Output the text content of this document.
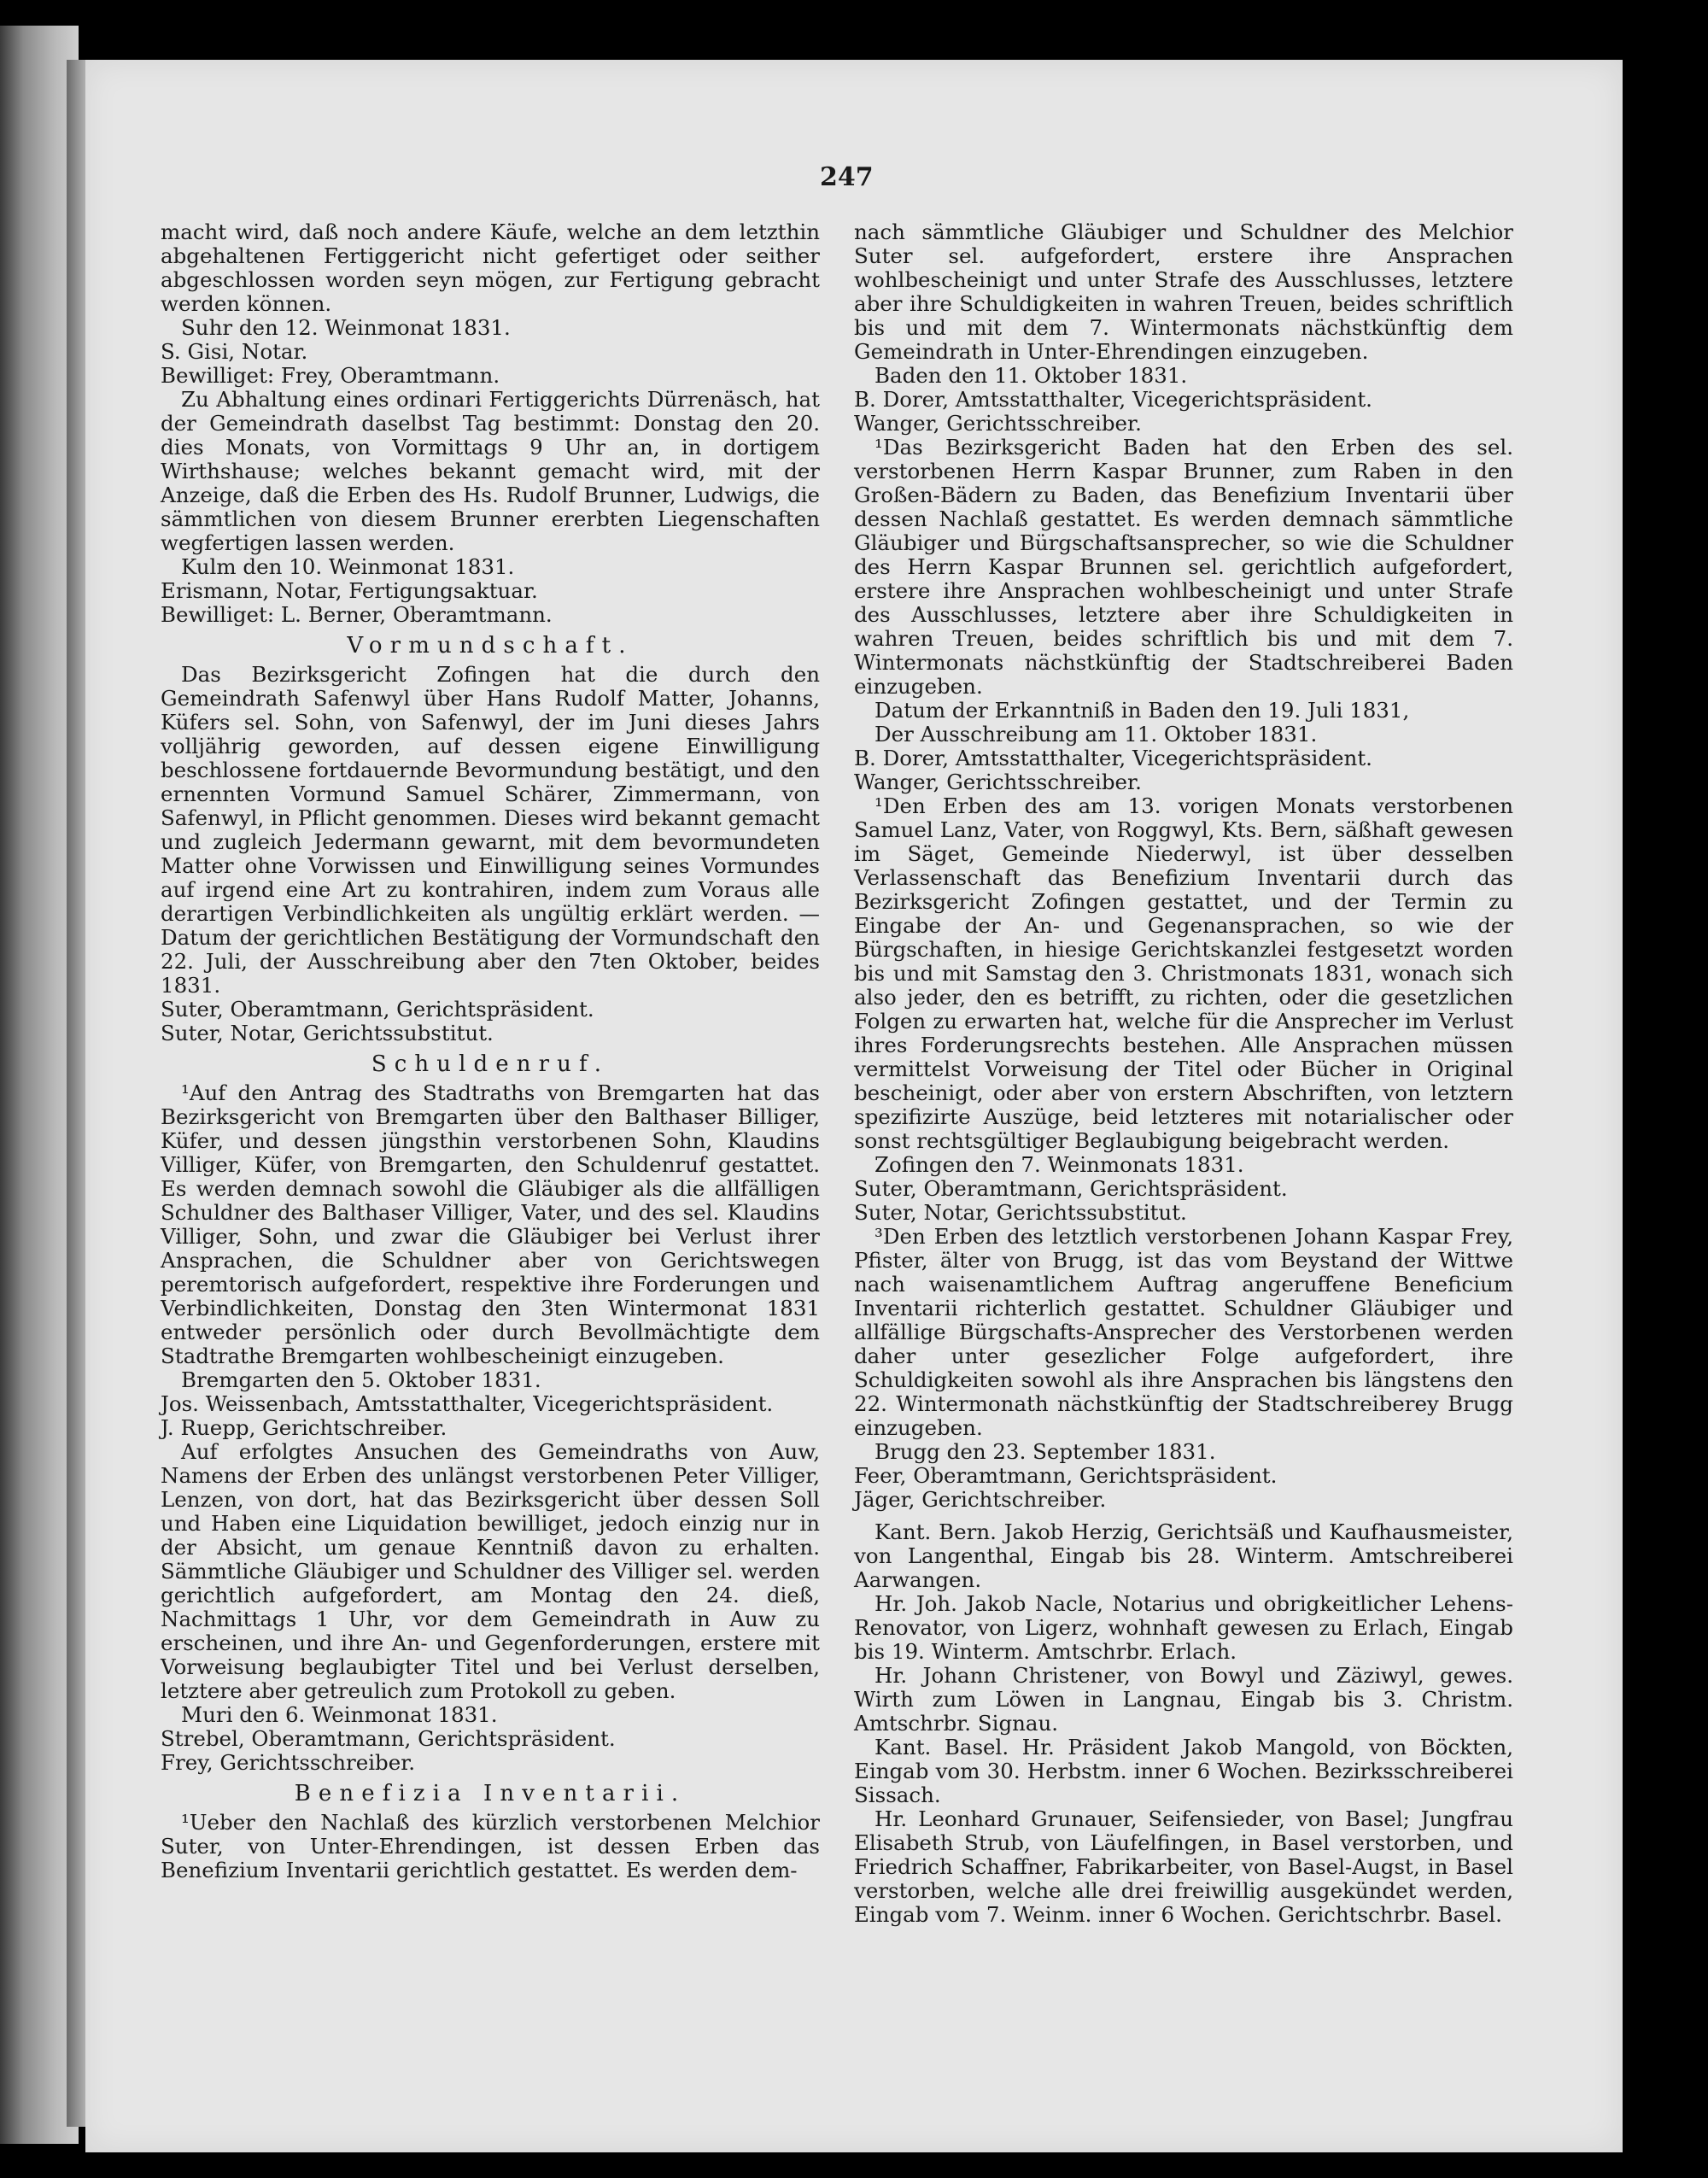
247

macht wird, daß noch andere Käufe, welche an dem letzthin abgehaltenen Fertiggericht nicht gefertiget oder seither abgeschlossen worden seyn mögen, zur Fertigung gebracht werden können.

Suhr den 12. Weinmonat 1831.

S. Gisi, Notar.

Bewilliget: Frey, Oberamtmann.

Zu Abhaltung eines ordinari Fertiggerichts Dürrenäsch, hat der Gemeindrath daselbst Tag bestimmt: Donstag den 20. dies Monats, von Vormittags 9 Uhr an, in dortigem Wirthshause; welches bekannt gemacht wird, mit der Anzeige, daß die Erben des Hs. Rudolf Brunner, Ludwigs, die sämmtlichen von diesem Brunner ererbten Liegenschaften wegfertigen lassen werden.

Kulm den 10. Weinmonat 1831.

Erismann, Notar, Fertigungsaktuar.

Bewilliget: L. Berner, Oberamtmann.

Vormundschaft.

Das Bezirksgericht Zofingen hat die durch den Gemeindrath Safenwyl über Hans Rudolf Matter, Johanns, Küfers sel. Sohn, von Safenwyl, der im Juni dieses Jahrs volljährig geworden, auf dessen eigene Einwilligung beschlossene fortdauernde Bevormundung bestätigt, und den ernennten Vormund Samuel Schärer, Zimmermann, von Safenwyl, in Pflicht genommen. Dieses wird bekannt gemacht und zugleich Jedermann gewarnt, mit dem bevormundeten Matter ohne Vorwissen und Einwilligung seines Vormundes auf irgend eine Art zu kontrahiren, indem zum Voraus alle derartigen Verbindlichkeiten als ungültig erklärt werden. — Datum der gerichtlichen Bestätigung der Vormundschaft den 22. Juli, der Ausschreibung aber den 7ten Oktober, beides 1831.

Suter, Oberamtmann, Gerichtspräsident.

Suter, Notar, Gerichtssubstitut.

Schuldenruf.

¹Auf den Antrag des Stadtraths von Bremgarten hat das Bezirksgericht von Bremgarten über den Balthaser Billiger, Küfer, und dessen jüngsthin verstorbenen Sohn, Klaudins Villiger, Küfer, von Bremgarten, den Schuldenruf gestattet. Es werden demnach sowohl die Gläubiger als die allfälligen Schuldner des Balthaser Villiger, Vater, und des sel. Klaudins Villiger, Sohn, und zwar die Gläubiger bei Verlust ihrer Ansprachen, die Schuldner aber von Gerichtswegen peremtorisch aufgefordert, respektive ihre Forderungen und Verbindlichkeiten, Donstag den 3ten Wintermonat 1831 entweder persönlich oder durch Bevollmächtigte dem Stadtrathe Bremgarten wohlbescheinigt einzugeben.

Bremgarten den 5. Oktober 1831.

Jos. Weissenbach, Amtsstatthalter, Vicegerichtspräsident.

J. Ruepp, Gerichtschreiber.

Auf erfolgtes Ansuchen des Gemeindraths von Auw, Namens der Erben des unlängst verstorbenen Peter Villiger, Lenzen, von dort, hat das Bezirksgericht über dessen Soll und Haben eine Liquidation bewilliget, jedoch einzig nur in der Absicht, um genaue Kenntniß davon zu erhalten. Sämmtliche Gläubiger und Schuldner des Villiger sel. werden gerichtlich aufgefordert, am Montag den 24. dieß, Nachmittags 1 Uhr, vor dem Gemeindrath in Auw zu erscheinen, und ihre An- und Gegenforderungen, erstere mit Vorweisung beglaubigter Titel und bei Verlust derselben, letztere aber getreulich zum Protokoll zu geben.

Muri den 6. Weinmonat 1831.

Strebel, Oberamtmann, Gerichtspräsident.

Frey, Gerichtsschreiber.

Benefizia Inventarii.

¹Ueber den Nachlaß des kürzlich verstorbenen Melchior Suter, von Unter-Ehrendingen, ist dessen Erben das Benefizium Inventarii gerichtlich gestattet. Es werden dem-

nach sämmtliche Gläubiger und Schuldner des Melchior Suter sel. aufgefordert, erstere ihre Ansprachen wohlbescheinigt und unter Strafe des Ausschlusses, letztere aber ihre Schuldigkeiten in wahren Treuen, beides schriftlich bis und mit dem 7. Wintermonats nächstkünftig dem Gemeindrath in Unter-Ehrendingen einzugeben.

Baden den 11. Oktober 1831.

B. Dorer, Amtsstatthalter, Vicegerichtspräsident.

Wanger, Gerichtsschreiber.

¹Das Bezirksgericht Baden hat den Erben des sel. verstorbenen Herrn Kaspar Brunner, zum Raben in den Großen-Bädern zu Baden, das Benefizium Inventarii über dessen Nachlaß gestattet. Es werden demnach sämmtliche Gläubiger und Bürgschaftsansprecher, so wie die Schuldner des Herrn Kaspar Brunnen sel. gerichtlich aufgefordert, erstere ihre Ansprachen wohlbescheinigt und unter Strafe des Ausschlusses, letztere aber ihre Schuldigkeiten in wahren Treuen, beides schriftlich bis und mit dem 7. Wintermonats nächstkünftig der Stadtschreiberei Baden einzugeben.

Datum der Erkanntniß in Baden den 19. Juli 1831,

Der Ausschreibung am 11. Oktober 1831.

B. Dorer, Amtsstatthalter, Vicegerichtspräsident.

Wanger, Gerichtsschreiber.

¹Den Erben des am 13. vorigen Monats verstorbenen Samuel Lanz, Vater, von Roggwyl, Kts. Bern, säßhaft gewesen im Säget, Gemeinde Niederwyl, ist über desselben Verlassenschaft das Benefizium Inventarii durch das Bezirksgericht Zofingen gestattet, und der Termin zu Eingabe der An- und Gegenansprachen, so wie der Bürgschaften, in hiesige Gerichtskanzlei festgesetzt worden bis und mit Samstag den 3. Christmonats 1831, wonach sich also jeder, den es betrifft, zu richten, oder die gesetzlichen Folgen zu erwarten hat, welche für die Ansprecher im Verlust ihres Forderungsrechts bestehen. Alle Ansprachen müssen vermittelst Vorweisung der Titel oder Bücher in Original bescheinigt, oder aber von erstern Abschriften, von letztern spezifizirte Auszüge, beid letzteres mit notarialischer oder sonst rechtsgültiger Beglaubigung beigebracht werden.

Zofingen den 7. Weinmonats 1831.

Suter, Oberamtmann, Gerichtspräsident.

Suter, Notar, Gerichtssubstitut.

³Den Erben des letztlich verstorbenen Johann Kaspar Frey, Pfister, älter von Brugg, ist das vom Beystand der Wittwe nach waisenamtlichem Auftrag angeruffene Beneficium Inventarii richterlich gestattet. Schuldner Gläubiger und allfällige Bürgschafts-Ansprecher des Verstorbenen werden daher unter gesezlicher Folge aufgefordert, ihre Schuldigkeiten sowohl als ihre Ansprachen bis längstens den 22. Wintermonath nächstkünftig der Stadtschreiberey Brugg einzugeben.

Brugg den 23. September 1831.

Feer, Oberamtmann, Gerichtspräsident.

Jäger, Gerichtschreiber.

Kant. Bern. Jakob Herzig, Gerichtsäß und Kaufhausmeister, von Langenthal, Eingab bis 28. Winterm. Amtschreiberei Aarwangen.

Hr. Joh. Jakob Nacle, Notarius und obrigkeitlicher Lehens-Renovator, von Ligerz, wohnhaft gewesen zu Erlach, Eingab bis 19. Winterm. Amtschrbr. Erlach.

Hr. Johann Christener, von Bowyl und Zäziwyl, gewes. Wirth zum Löwen in Langnau, Eingab bis 3. Christm. Amtschrbr. Signau.

Kant. Basel. Hr. Präsident Jakob Mangold, von Böckten, Eingab vom 30. Herbstm. inner 6 Wochen. Bezirksschreiberei Sissach.

Hr. Leonhard Grunauer, Seifensieder, von Basel; Jungfrau Elisabeth Strub, von Läufelfingen, in Basel verstorben, und Friedrich Schaffner, Fabrikarbeiter, von Basel-Augst, in Basel verstorben, welche alle drei freiwillig ausgekündet werden, Eingab vom 7. Weinm. inner 6 Wochen. Gerichtschrbr. Basel.
